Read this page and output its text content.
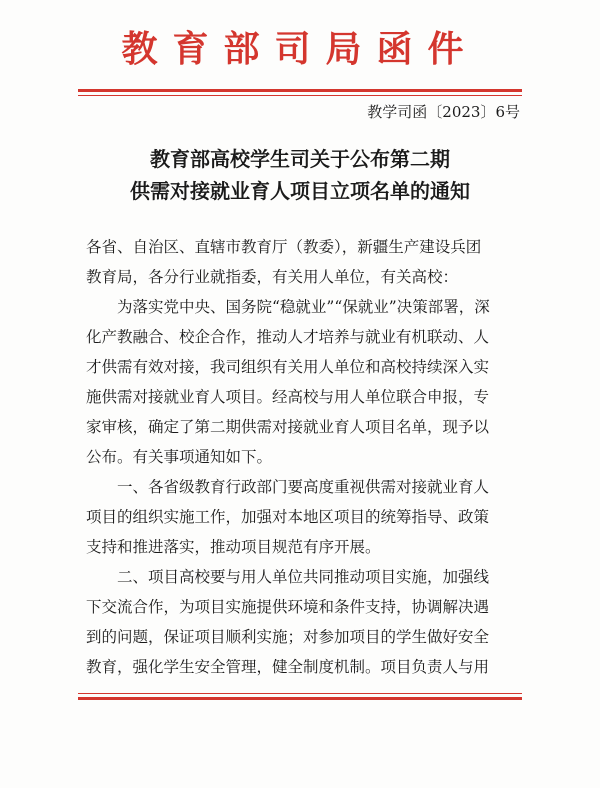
教育部司局函件
教学司函〔2023〕6号
教育部高校学生司关于公布第二期
供需对接就业育人项目立项名单的通知
各省、自治区、直辖市教育厅（教委），新疆生产建设兵团
教育局，各分行业就指委，有关用人单位，有关高校：
　　为落实党中央、国务院“稳就业”“保就业”决策部署，深
化产教融合、校企合作，推动人才培养与就业有机联动、人
才供需有效对接，我司组织有关用人单位和高校持续深入实
施供需对接就业育人项目。经高校与用人单位联合申报，专
家审核，确定了第二期供需对接就业育人项目名单，现予以
公布。有关事项通知如下。
　　一、各省级教育行政部门要高度重视供需对接就业育人
项目的组织实施工作，加强对本地区项目的统筹指导、政策
支持和推进落实，推动项目规范有序开展。
　　二、项目高校要与用人单位共同推动项目实施，加强线
下交流合作，为项目实施提供环境和条件支持，协调解决遇
到的问题，保证项目顺利实施；对参加项目的学生做好安全
教育，强化学生安全管理，健全制度机制。项目负责人与用
